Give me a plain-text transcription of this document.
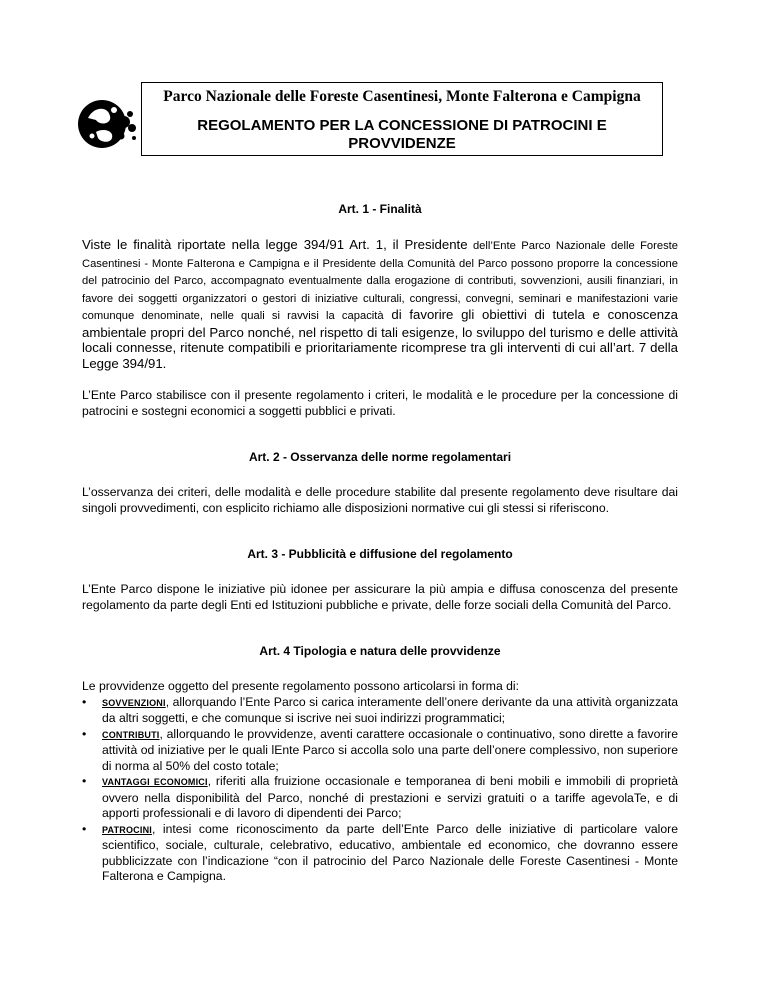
Parco Nazionale delle Foreste Casentinesi, Monte Falterona e Campigna
REGOLAMENTO PER LA CONCESSIONE DI PATROCINI E
PROVVIDENZE
Art. 1 - Finalità

Viste le finalità riportate nella legge 394/91 Art. 1, il Presidente dell’Ente Parco Nazionale delle Foreste Casentinesi - Monte FaIterona e Campigna e il Presidente della Comunità del Parco possono proporre la concessione del patrocinio del Parco, accompagnato eventualmente dalla erogazione di contributi, sovvenzioni, ausili finanziari, in favore dei soggetti organizzatori o gestori di iniziative culturali, congressi, convegni, seminari e manifestazioni varie comunque denominate, nelle quali si ravvisi la capacità di favorire gli obiettivi di tutela e conoscenza ambientale propri del Parco nonché, nel rispetto di tali esigenze, lo sviluppo del turismo e delle attività locali connesse, ritenute compatibili e prioritariamente ricomprese tra gli interventi di cui all’art. 7 della Legge 394/91.

L’Ente Parco stabilisce con il presente regolamento i criteri, le modalità e le procedure per la concessione di patrocini e sostegni economici a soggetti pubblici e privati.

Art. 2 - Osservanza delle norme regolamentari

L’osservanza dei criteri, delle modalità e delle procedure stabilite dal presente regolamento deve risultare dai singoli provvedimenti, con esplicito richiamo alle disposizioni normative cui gli stessi si riferiscono.

Art. 3 - Pubblicità e diffusione del regolamento

L’Ente Parco dispone le iniziative più idonee per assicurare la più ampia e diffusa conoscenza del presente regolamento da parte degli Enti ed Istituzioni pubbliche e private, delle forze sociali della Comunità del Parco.

Art. 4 Tipologia e natura delle provvidenze

Le provvidenze oggetto del presente regolamento possono articolarsi in forma di:

• SOVVENZIONI, allorquando l’Ente Parco si carica interamente dell’onere derivante da una attività organizzata da altri soggetti, e che comunque si iscrive nei suoi indirizzi programmatici;
• CONTRIBUTI, allorquando le provvidenze, aventi carattere occasionale o continuativo, sono dirette a favorire attività od iniziative per le quali lEnte Parco si accolla solo una parte dell’onere complessivo, non superiore di norma al 50% del costo totale;
• VANTAGGI ECONOMICI, riferiti alla fruizione occasionale e temporanea di beni mobili e immobili di proprietà ovvero nella disponibilità del Parco, nonché di prestazioni e servizi gratuiti o a tariffe agevolaTe, e di apporti professionali e di lavoro di dipendenti dei Parco;
• PATROCINI, intesi come riconoscimento da parte dell’Ente Parco delle iniziative di particolare valore scientifico, sociale, culturale, celebrativo, educativo, ambientale ed economico, che dovranno essere pubblicizzate con l’indicazione “con il patrocinio del Parco Nazionale delle Foreste Casentinesi - Monte Falterona e Campigna.
